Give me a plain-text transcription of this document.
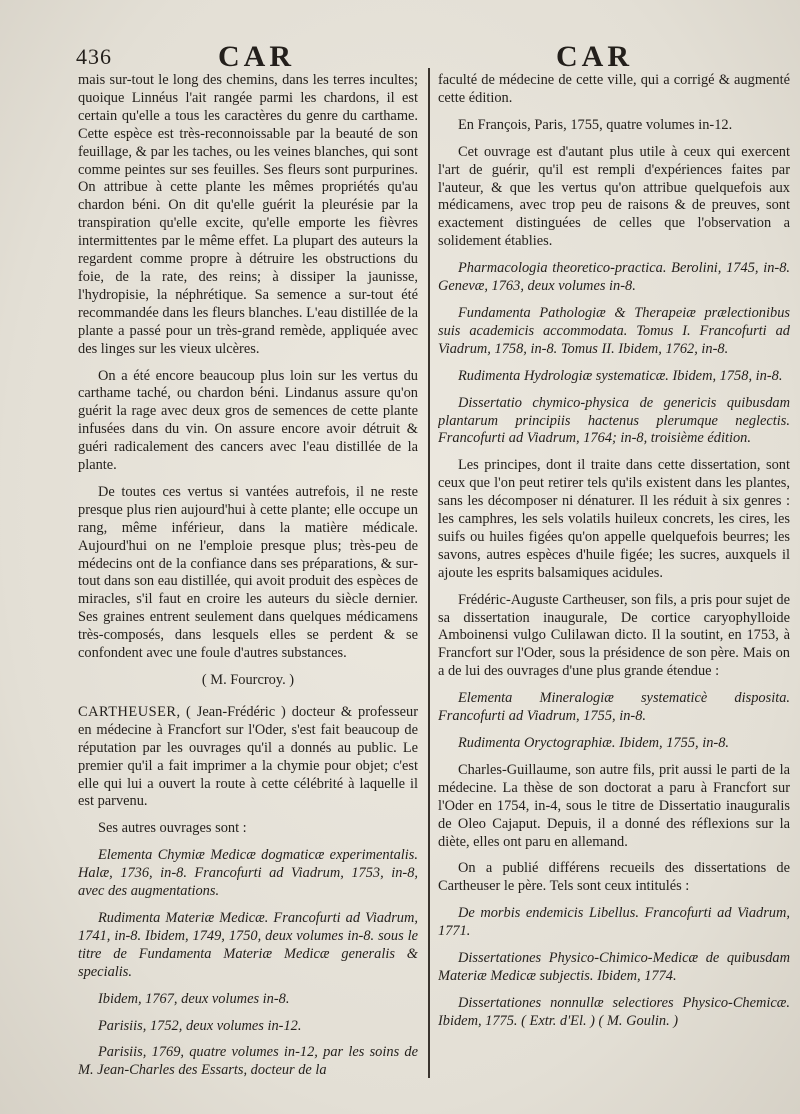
436	CAR	CAR

mais sur-tout le long des chemins, dans les terres incultes; quoique Linnéus l'ait rangée parmi les chardons, il est certain qu'elle a tous les caractères du genre du carthame. Cette espèce est très-reconnoissable par la beauté de son feuillage, & par les taches, ou les veines blanches, qui sont comme peintes sur ses feuilles. Ses fleurs sont purpurines. On attribue à cette plante les mêmes propriétés qu'au chardon béni. On dit qu'elle guérit la pleurésie par la transpiration qu'elle excite, qu'elle emporte les fièvres intermittentes par le même effet. La plupart des auteurs la regardent comme propre à détruire les obstructions du foie, de la rate, des reins; à dissiper la jaunisse, l'hydropisie, la néphrétique. Sa semence a sur-tout été recommandée dans les fleurs blanches. L'eau distillée de la plante a passé pour un très-grand remède, appliquée avec des linges sur les vieux ulcères.

On a été encore beaucoup plus loin sur les vertus du carthame taché, ou chardon béni. Lindanus assure qu'on guérit la rage avec deux gros de semences de cette plante infusées dans du vin. On assure encore avoir détruit & guéri radicalement des cancers avec l'eau distillée de la plante.

De toutes ces vertus si vantées autrefois, il ne reste presque plus rien aujourd'hui à cette plante; elle occupe un rang, même inférieur, dans la matière médicale. Aujourd'hui on ne l'emploie presque plus; très-peu de médecins ont de la confiance dans ses préparations, & sur-tout dans son eau distillée, qui avoit produit des espèces de miracles, s'il faut en croire les auteurs du siècle dernier. Ses graines entrent seulement dans quelques médicamens très-composés, dans lesquels elles se perdent & se confondent avec une foule d'autres substances.

( M. Fourcroy. )

CARTHEUSER, ( Jean-Frédéric ) docteur & professeur en médecine à Francfort sur l'Oder, s'est fait beaucoup de réputation par les ouvrages qu'il a donnés au public. Le premier qu'il a fait imprimer a la chymie pour objet; c'est elle qui lui a ouvert la route à cette célébrité à laquelle il est parvenu.

Ses autres ouvrages sont :

Elementa Chymiæ Medicæ dogmaticæ experimentalis. Halæ, 1736, in-8. Francofurti ad Viadrum, 1753, in-8, avec des augmentations.

Rudimenta Materiæ Medicæ. Francofurti ad Viadrum, 1741, in-8. Ibidem, 1749, 1750, deux volumes in-8. sous le titre de Fundamenta Materiæ Medicæ generalis & specialis.

Ibidem, 1767, deux volumes in-8.

Parisiis, 1752, deux volumes in-12.

Parisiis, 1769, quatre volumes in-12, par les soins de M. Jean-Charles des Essarts, docteur de la

faculté de médecine de cette ville, qui a corrigé & augmenté cette édition.

En François, Paris, 1755, quatre volumes in-12.

Cet ouvrage est d'autant plus utile à ceux qui exercent l'art de guérir, qu'il est rempli d'expériences faites par l'auteur, & que les vertus qu'on attribue quelquefois aux médicamens, avec trop peu de raisons & de preuves, sont exactement distinguées de celles que l'observation a solidement établies.

Pharmacologia theoretico-practica. Berolini, 1745, in-8. Genevæ, 1763, deux volumes in-8.

Fundamenta Pathologiæ & Therapeiæ prælectionibus suis academicis accommodata. Tomus I. Francofurti ad Viadrum, 1758, in-8. Tomus II. Ibidem, 1762, in-8.

Rudimenta Hydrologiæ systematicæ. Ibidem, 1758, in-8.

Dissertatio chymico-physica de genericis quibusdam plantarum principiis hactenus plerumque neglectis. Francofurti ad Viadrum, 1764; in-8, troisième édition.

Les principes, dont il traite dans cette dissertation, sont ceux que l'on peut retirer tels qu'ils existent dans les plantes, sans les décomposer ni dénaturer. Il les réduit à six genres : les camphres, les sels volatils huileux concrets, les cires, les suifs ou huiles figées qu'on appelle quelquefois beurres; les savons, autres espèces d'huile figée; les sucres, auxquels il ajoute les esprits balsamiques acidules.

Frédéric-Auguste Cartheuser, son fils, a pris pour sujet de sa dissertation inaugurale, De cortice caryophylloide Amboinensi vulgo Culilawan dicto. Il la soutint, en 1753, à Francfort sur l'Oder, sous la présidence de son père. Mais on a de lui des ouvrages d'une plus grande étendue :

Elementa Mineralogiæ systematicè disposita. Francofurti ad Viadrum, 1755, in-8.

Rudimenta Oryctographiæ. Ibidem, 1755, in-8.

Charles-Guillaume, son autre fils, prit aussi le parti de la médecine. La thèse de son doctorat a paru à Francfort sur l'Oder en 1754, in-4, sous le titre de Dissertatio inauguralis de Oleo Cajaput. Depuis, il a donné des réflexions sur la diète, elles ont paru en allemand.

On a publié différens recueils des dissertations de Cartheuser le père. Tels sont ceux intitulés :

De morbis endemicis Libellus. Francofurti ad Viadrum, 1771.

Dissertationes Physico-Chimico-Medicæ de quibusdam Materiæ Medicæ subjectis. Ibidem, 1774.

Dissertationes nonnullæ selectiores Physico-Chemicæ. Ibidem, 1775. ( Extr. d'El. ) ( M. Goulin. )
